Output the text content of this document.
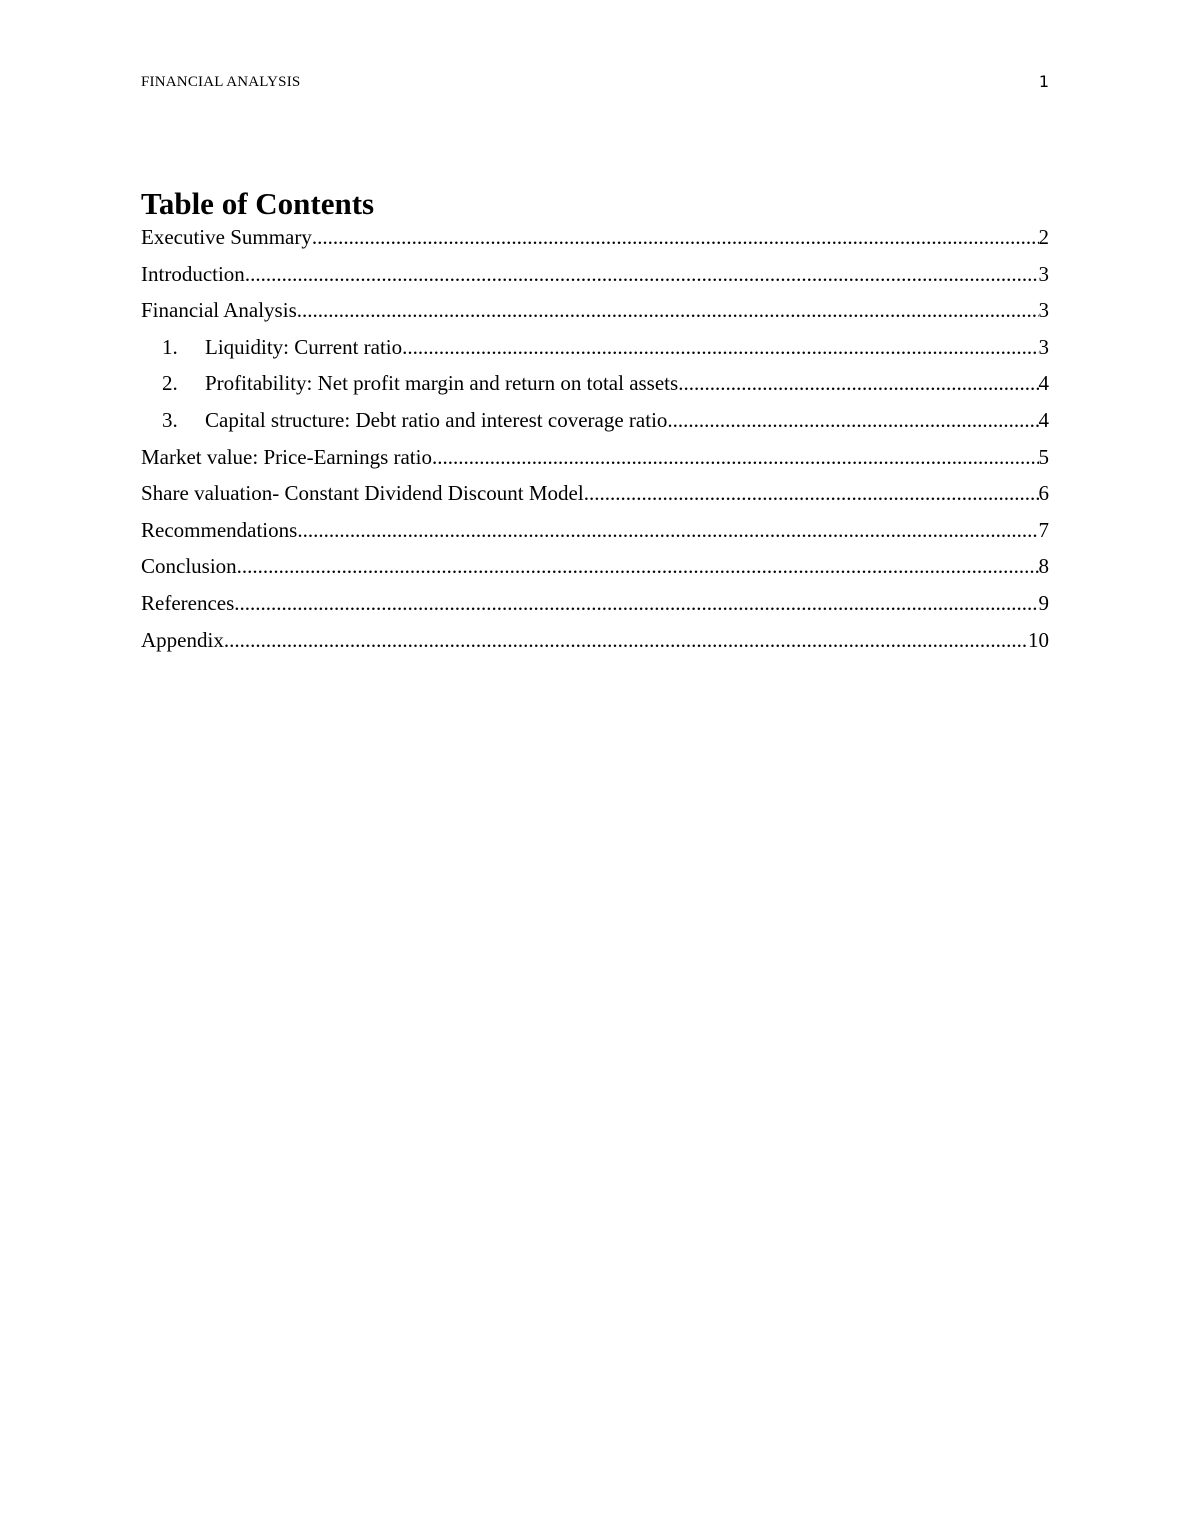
FINANCIAL ANALYSIS	1
Table of Contents
Executive Summary .....	2
Introduction .....	3
Financial Analysis .....	3
1.	Liquidity: Current ratio .....	3
2.	Profitability: Net profit margin and return on total assets .....	4
3.	Capital structure: Debt ratio and interest coverage ratio .....	4
Market value: Price-Earnings ratio .....	5
Share valuation- Constant Dividend Discount Model .....	6
Recommendations .....	7
Conclusion .....	8
References .....	9
Appendix .....	10
